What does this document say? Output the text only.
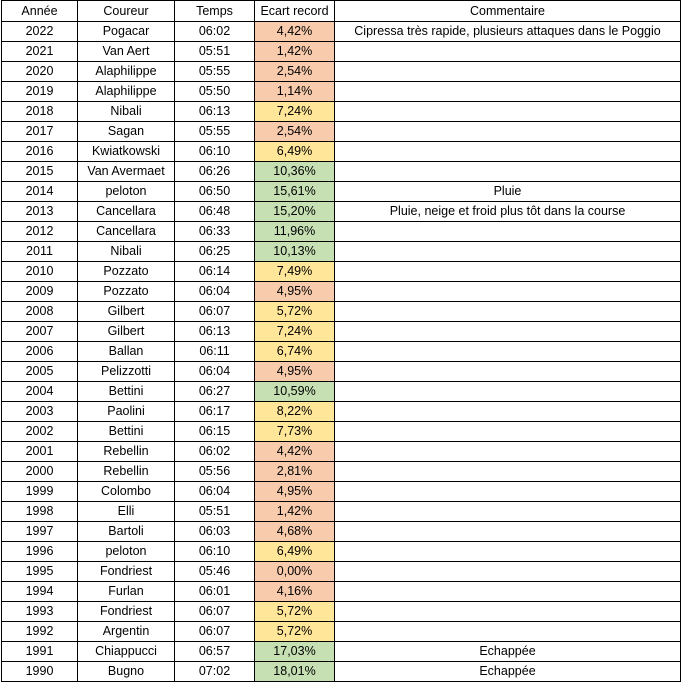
Année	Coureur	Temps	Ecart record	Commentaire
2022	Pogacar	06:02	4,42%	Cipressa très rapide, plusieurs attaques dans le Poggio
2021	Van Aert	05:51	1,42%	
2020	Alaphilippe	05:55	2,54%	
2019	Alaphilippe	05:50	1,14%	
2018	Nibali	06:13	7,24%	
2017	Sagan	05:55	2,54%	
2016	Kwiatkowski	06:10	6,49%	
2015	Van Avermaet	06:26	10,36%	
2014	peloton	06:50	15,61%	Pluie
2013	Cancellara	06:48	15,20%	Pluie, neige et froid plus tôt dans la course
2012	Cancellara	06:33	11,96%	
2011	Nibali	06:25	10,13%	
2010	Pozzato	06:14	7,49%	
2009	Pozzato	06:04	4,95%	
2008	Gilbert	06:07	5,72%	
2007	Gilbert	06:13	7,24%	
2006	Ballan	06:11	6,74%	
2005	Pelizzotti	06:04	4,95%	
2004	Bettini	06:27	10,59%	
2003	Paolini	06:17	8,22%	
2002	Bettini	06:15	7,73%	
2001	Rebellin	06:02	4,42%	
2000	Rebellin	05:56	2,81%	
1999	Colombo	06:04	4,95%	
1998	Elli	05:51	1,42%	
1997	Bartoli	06:03	4,68%	
1996	peloton	06:10	6,49%	
1995	Fondriest	05:46	0,00%	
1994	Furlan	06:01	4,16%	
1993	Fondriest	06:07	5,72%	
1992	Argentin	06:07	5,72%	
1991	Chiappucci	06:57	17,03%	Echappée
1990	Bugno	07:02	18,01%	Echappée
